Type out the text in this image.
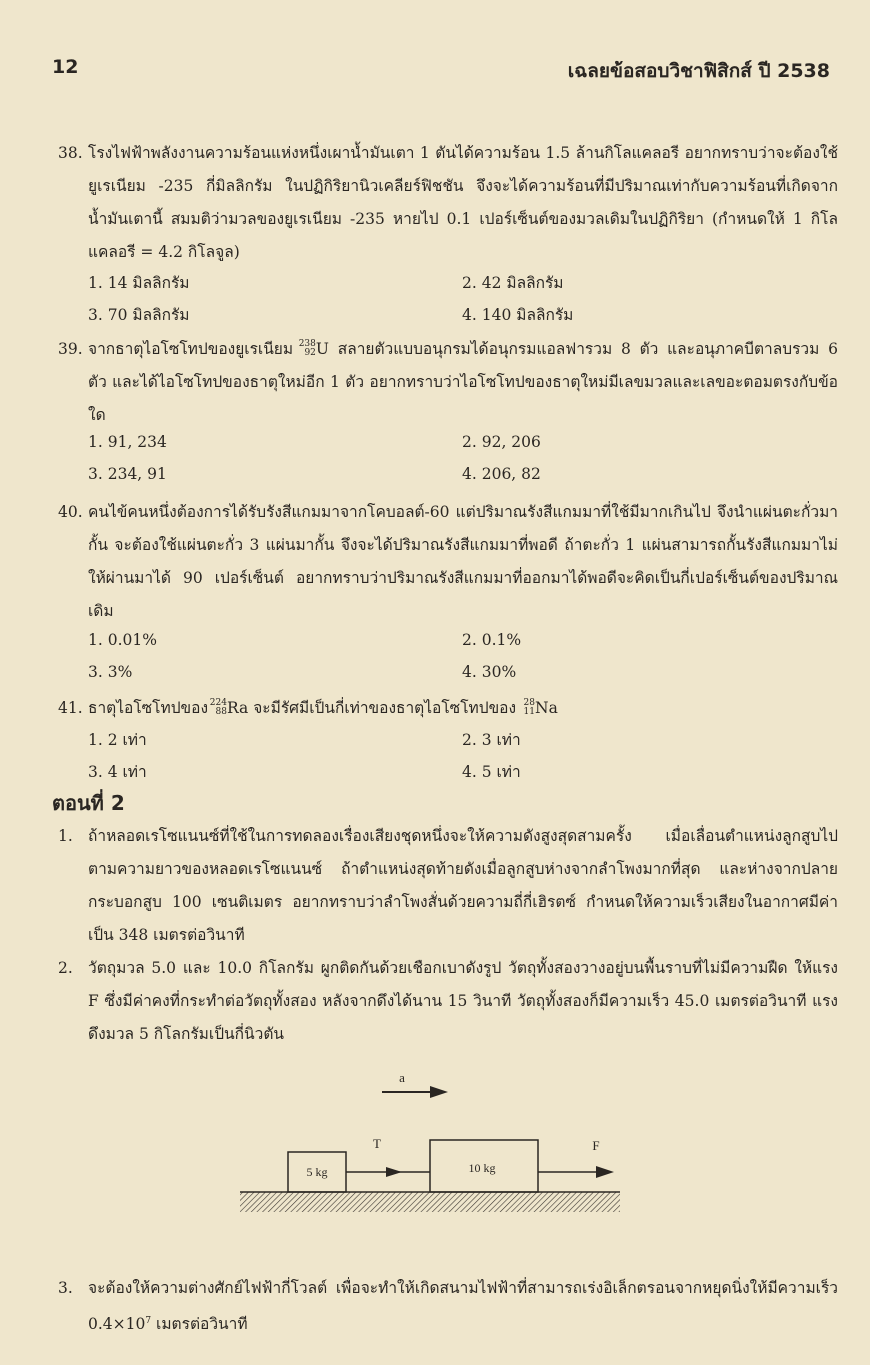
12	เฉลยข้อสอบวิชาฟิสิกส์ ปี 2538
38. โรงไฟฟ้าพลังงานความร้อนแห่งหนึ่งเผาน้ำมันเตา 1 ตันได้ความร้อน 1.5 ล้านกิโลแคลอรี อยากทราบว่าจะต้องใช้ยูเรเนียม -235 กี่มิลลิกรัม ในปฏิกิริยานิวเคลียร์ฟิชชัน จึงจะได้ความร้อนที่มีปริมาณเท่ากับความร้อนที่เกิดจากน้ำมันเตานี้ สมมติว่ามวลของยูเรเนียม -235 หายไป 0.1 เปอร์เซ็นต์ของมวลเดิมในปฏิกิริยา (กำหนดให้ 1 กิโลแคลอรี = 4.2 กิโลจูล)
1. 14 มิลลิกรัม	2. 42 มิลลิกรัม
3. 70 มิลลิกรัม	4. 140 มิลลิกรัม
39. จากธาตุไอโซโทปของยูเรเนียม 238
92 U สลายตัวแบบอนุกรมได้อนุกรมแอลฟารวม 8 ตัว และอนุภาคบีตาลบรวม 6 ตัว และได้ไอโซโทปของธาตุใหม่อีก 1 ตัว อยากทราบว่าไอโซโทปของธาตุใหม่มีเลขมวลและเลขอะตอมตรงกับข้อใด
1. 91, 234	2. 92, 206
3. 234, 91	4. 206, 82
40. คนไข้คนหนึ่งต้องการได้รับรังสีแกมมาจากโคบอลต์-60 แต่ปริมาณรังสีแกมมาที่ใช้มีมากเกินไป จึงนำแผ่นตะกั่วมากั้น จะต้องใช้แผ่นตะกั่ว 3 แผ่นมากั้น จึงจะได้ปริมาณรังสีแกมมาที่พอดี ถ้าตะกั่ว 1 แผ่นสามารถกั้นรังสีแกมมาไม่ให้ผ่านมาได้ 90 เปอร์เซ็นต์ อยากทราบว่าปริมาณรังสีแกมมาที่ออกมาได้พอดีจะคิดเป็นกี่เปอร์เซ็นต์ของปริมาณเดิม
1. 0.01%	2. 0.1%
3. 3%	4. 30%
41. ธาตุไอโซโทปของ 224
88 Ra จะมีรัศมีเป็นกี่เท่าของธาตุไอโซโทปของ 28
11 Na
1. 2 เท่า	2. 3 เท่า
3. 4 เท่า	4. 5 เท่า
ตอนที่ 2
1. ถ้าหลอดเรโซแนนซ์ที่ใช้ในการทดลองเรื่องเสียงชุดหนึ่งจะให้ความดังสูงสุดสามครั้ง เมื่อเลื่อนตำแหน่งลูกสูบไปตามความยาวของหลอดเรโซแนนซ์ ถ้าตำแหน่งสุดท้ายดังเมื่อลูกสูบห่างจากลำโพงมากที่สุด และห่างจากปลายกระบอกสูบ 100 เซนติเมตร อยากทราบว่าลำโพงสั่นด้วยความถี่กี่เฮิรตซ์ กำหนดให้ความเร็วเสียงในอากาศมีค่าเป็น 348 เมตรต่อวินาที
2. วัตถุมวล 5.0 และ 10.0 กิโลกรัม ผูกติดกันด้วยเชือกเบาดังรูป วัตถุทั้งสองวางอยู่บนพื้นราบที่ไม่มีความฝืด ให้แรง F ซึ่งมีค่าคงที่กระทำต่อวัตถุทั้งสอง หลังจากดึงได้นาน 15 วินาที วัตถุทั้งสองก็มีความเร็ว 45.0 เมตรต่อวินาที แรงดึงมวล 5 กิโลกรัมเป็นกี่นิวตัน
a
5 kg
T
10 kg
F
3. จะต้องให้ความต่างศักย์ไฟฟ้ากี่โวลต์ เพื่อจะทำให้เกิดสนามไฟฟ้าที่สามารถเร่งอิเล็กตรอนจากหยุดนิ่งให้มีความเร็ว $0.4\times 10^7$ เมตรต่อวินาที
